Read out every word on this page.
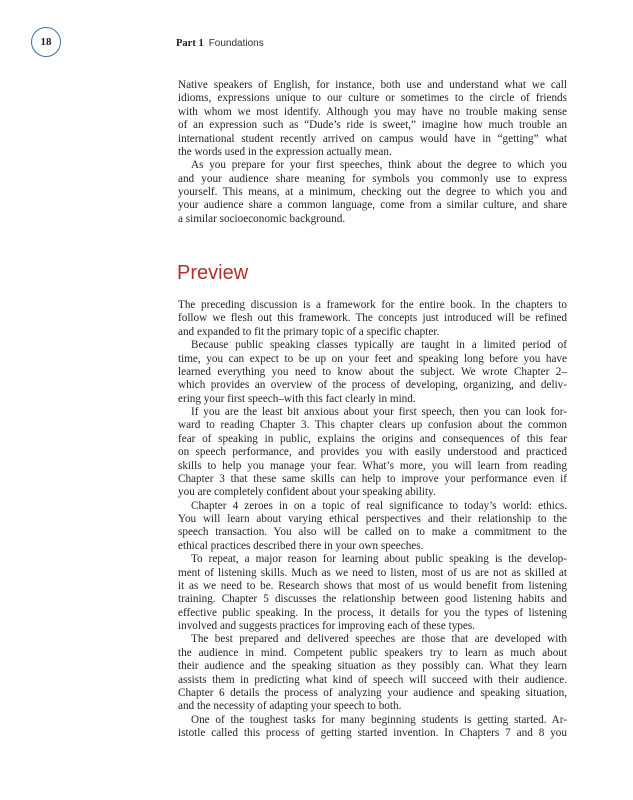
18	Part 1 Foundations
Native speakers of English, for instance, both use and understand what we call
idioms, expressions unique to our culture or sometimes to the circle of friends
with whom we most identify. Although you may have no trouble making sense
of an expression such as “Dude’s ride is sweet,” imagine how much trouble an
international student recently arrived on campus would have in “getting” what
the words used in the expression actually mean.
As you prepare for your first speeches, think about the degree to which you
and your audience share meaning for symbols you commonly use to express
yourself. This means, at a minimum, checking out the degree to which you and
your audience share a common language, come from a similar culture, and share
a similar socioeconomic background.
Preview
The preceding discussion is a framework for the entire book. In the chapters to
follow we flesh out this framework. The concepts just introduced will be refined
and expanded to fit the primary topic of a specific chapter.
Because public speaking classes typically are taught in a limited period of
time, you can expect to be up on your feet and speaking long before you have
learned everything you need to know about the subject. We wrote Chapter 2–
which provides an overview of the process of developing, organizing, and deliv-
ering your first speech–with this fact clearly in mind.
If you are the least bit anxious about your first speech, then you can look for-
ward to reading Chapter 3. This chapter clears up confusion about the common
fear of speaking in public, explains the origins and consequences of this fear
on speech performance, and provides you with easily understood and practiced
skills to help you manage your fear. What’s more, you will learn from reading
Chapter 3 that these same skills can help to improve your performance even if
you are completely confident about your speaking ability.
Chapter 4 zeroes in on a topic of real significance to today’s world: ethics.
You will learn about varying ethical perspectives and their relationship to the
speech transaction. You also will be called on to make a commitment to the
ethical practices described there in your own speeches.
To repeat, a major reason for learning about public speaking is the develop-
ment of listening skills. Much as we need to listen, most of us are not as skilled at
it as we need to be. Research shows that most of us would benefit from listening
training. Chapter 5 discusses the relationship between good listening habits and
effective public speaking. In the process, it details for you the types of listening
involved and suggests practices for improving each of these types.
The best prepared and delivered speeches are those that are developed with
the audience in mind. Competent public speakers try to learn as much about
their audience and the speaking situation as they possibly can. What they learn
assists them in predicting what kind of speech will succeed with their audience.
Chapter 6 details the process of analyzing your audience and speaking situation,
and the necessity of adapting your speech to both.
One of the toughest tasks for many beginning students is getting started. Ar-
istotle called this process of getting started invention. In Chapters 7 and 8 you
